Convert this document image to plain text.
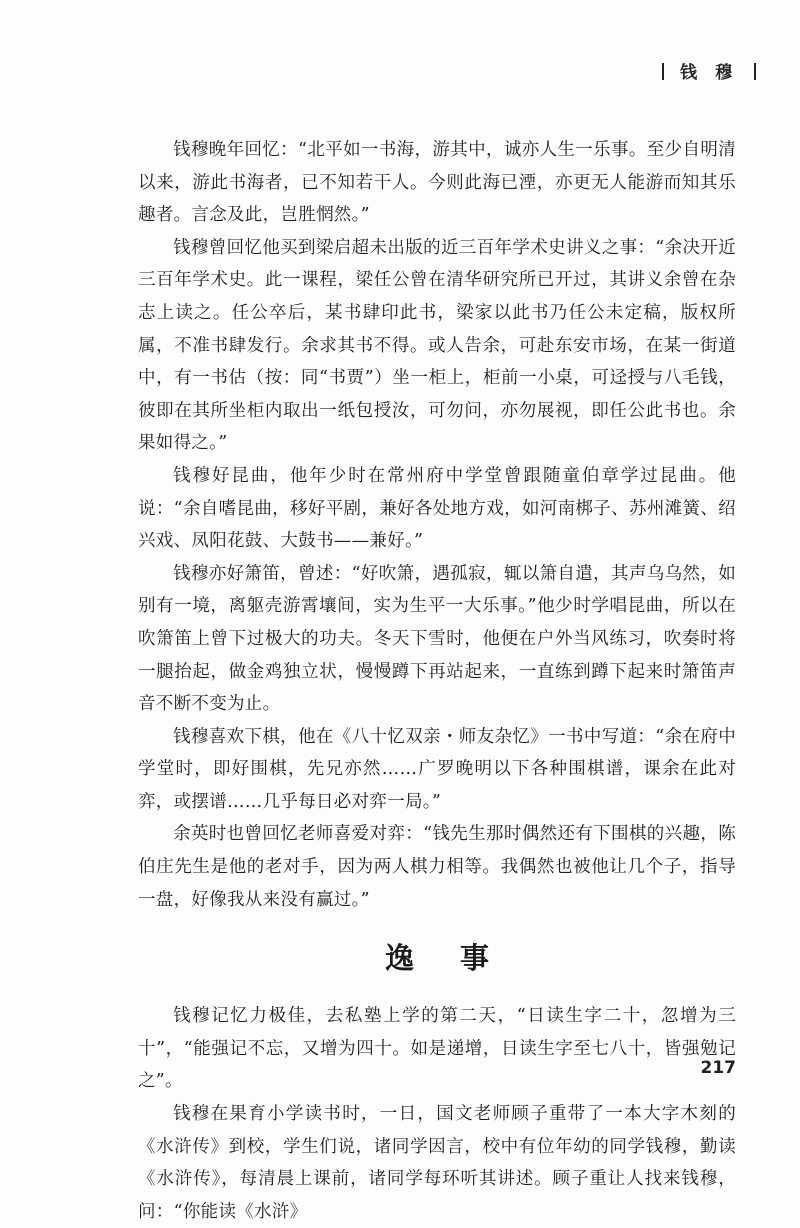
钱 穆

钱穆晚年回忆：“北平如一书海，游其中，诚亦人生一乐事。至少自明清以来，游此书海者，已不知若干人。今则此海已湮，亦更无人能游而知其乐趣者。言念及此，岂胜惘然。”

钱穆曾回忆他买到梁启超未出版的近三百年学术史讲义之事：“余决开近三百年学术史。此一课程，梁任公曾在清华研究所已开过，其讲义余曾在杂志上读之。任公卒后，某书肆印此书，梁家以此书乃任公未定稿，版权所属，不准书肆发行。余求其书不得。或人告余，可赴东安市场，在某一街道中，有一书估（按：同“书贾”）坐一柜上，柜前一小桌，可迳授与八毛钱，彼即在其所坐柜内取出一纸包授汝，可勿问，亦勿展视，即任公此书也。余果如得之。”

钱穆好昆曲，他年少时在常州府中学堂曾跟随童伯章学过昆曲。他说：“余自嗜昆曲，移好平剧，兼好各处地方戏，如河南梆子、苏州滩簧、绍兴戏、凤阳花鼓、大鼓书——兼好。”

钱穆亦好箫笛，曾述：“好吹箫，遇孤寂，辄以箫自遣，其声乌乌然，如别有一境，离躯壳游霄壤间，实为生平一大乐事。”他少时学唱昆曲，所以在吹箫笛上曾下过极大的功夫。冬天下雪时，他便在户外当风练习，吹奏时将一腿抬起，做金鸡独立状，慢慢蹲下再站起来，一直练到蹲下起来时箫笛声音不断不变为止。

钱穆喜欢下棋，他在《八十忆双亲・师友杂忆》一书中写道：“余在府中学堂时，即好围棋，先兄亦然……广罗晚明以下各种围棋谱，课余在此对弈，或摆谱……几乎每日必对弈一局。”

余英时也曾回忆老师喜爱对弈：“钱先生那时偶然还有下围棋的兴趣，陈伯庄先生是他的老对手，因为两人棋力相等。我偶然也被他让几个子，指导一盘，好像我从来没有赢过。”

逸 事

钱穆记忆力极佳，去私塾上学的第二天，“日读生字二十，忽增为三十”，“能强记不忘，又增为四十。如是递增，日读生字至七八十，皆强勉记之”。

钱穆在果育小学读书时，一日，国文老师顾子重带了一本大字木刻的《水浒传》到校，学生们说，诸同学因言，校中有位年幼的同学钱穆，勤读《水浒传》，每清晨上课前，诸同学每环听其讲述。顾子重让人找来钱穆，问：“你能读《水浒》

217
